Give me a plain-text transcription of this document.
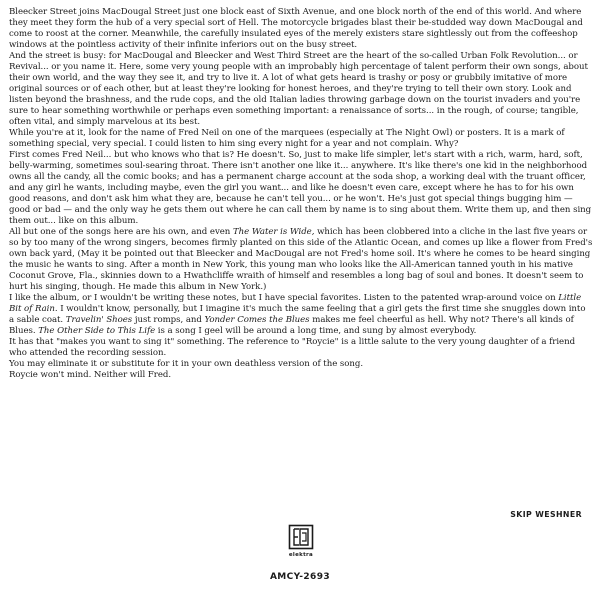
Bleecker Street joins MacDougal Street just one block east of Sixth Avenue, and one block north of the end of this world. And where they meet they form the hub of a very special sort of Hell. The motorcycle brigades blast their be-studded way down MacDougal and come to roost at the corner. Meanwhile, the carefully insulated eyes of the merely existers stare sightlessly out from the coffeeshop windows at the pointless activity of their infinite inferiors out on the busy street.

And the street is busy: for MacDougal and Bleecker and West Third Street are the heart of the so-called Urban Folk Revolution... or Revival... or you name it. Here, some very young people with an improbably high percentage of talent perform their own songs, about their own world, and the way they see it, and try to live it. A lot of what gets heard is trashy or posy or grubbily imitative of more original sources or of each other, but at least they're looking for honest heroes, and they're trying to tell their own story. Look and listen beyond the brashness, and the rude cops, and the old Italian ladies throwing garbage down on the tourist invaders and you're sure to hear something worthwhile or perhaps even something important: a renaissance of sorts... in the rough, of course; tangible, often vital, and simply marvelous at its best.

While you're at it, look for the name of Fred Neil on one of the marquees (especially at The Night Owl) or posters. It is a mark of something special, very special. I could listen to him sing every night for a year and not complain. Why?

First comes Fred Neil... but who knows who that is? He doesn't. So, just to make life simpler, let's start with a rich, warm, hard, soft, belly-warming, sometimes soul-searing throat. There isn't another one like it... anywhere. It's like there's one kid in the neighborhood owns all the candy, all the comic books; and has a permanent charge account at the soda shop, a working deal with the truant officer, and any girl he wants, including maybe, even the girl you want... and like he doesn't even care, except where he has to for his own good reasons, and don't ask him what they are, because he can't tell you... or he won't. He's just got special things bugging him — good or bad — and the only way he gets them out where he can call them by name is to sing about them. Write them up, and then sing them out... like on this album.

All but one of the songs here are his own, and even The Water is Wide, which has been clobbered into a cliche in the last five years or so by too many of the wrong singers, becomes firmly planted on this side of the Atlantic Ocean, and comes up like a flower from Fred's own back yard, (May it be pointed out that Bleecker and MacDougal are not Fred's home soil. It's where he comes to be heard singing the music he wants to sing. After a month in New York, this young man who looks like the All-American tanned youth in his mative Coconut Grove, Fla., skinnies down to a Hwathcliffe wraith of himself and resembles a long bag of soul and bones. It doesn't seem to hurt his singing, though. He made this album in New York.)

I like the album, or I wouldn't be writing these notes, but I have special favorites. Listen to the patented wrap-around voice on Little Bit of Rain. I wouldn't know, personally, but I imagine it's much the same feeling that a girl gets the first time she snuggles down into a sable coat. Travelin' Shoes just romps, and Yonder Comes the Blues makes me feel cheerful as hell. Why not? There's all kinds of Blues. The Other Side to This Life is a song I geel will be around a long time, and sung by almost everybody.

It has that "makes you want to sing it" something. The reference to "Roycie" is a little salute to the very young daughter of a friend who attended the recording session.

You may eliminate it or substitute for it in your own deathless version of the song.

Roycie won't mind. Neither will Fred.

SKIP WESHNER
elektra
AMCY-2693
